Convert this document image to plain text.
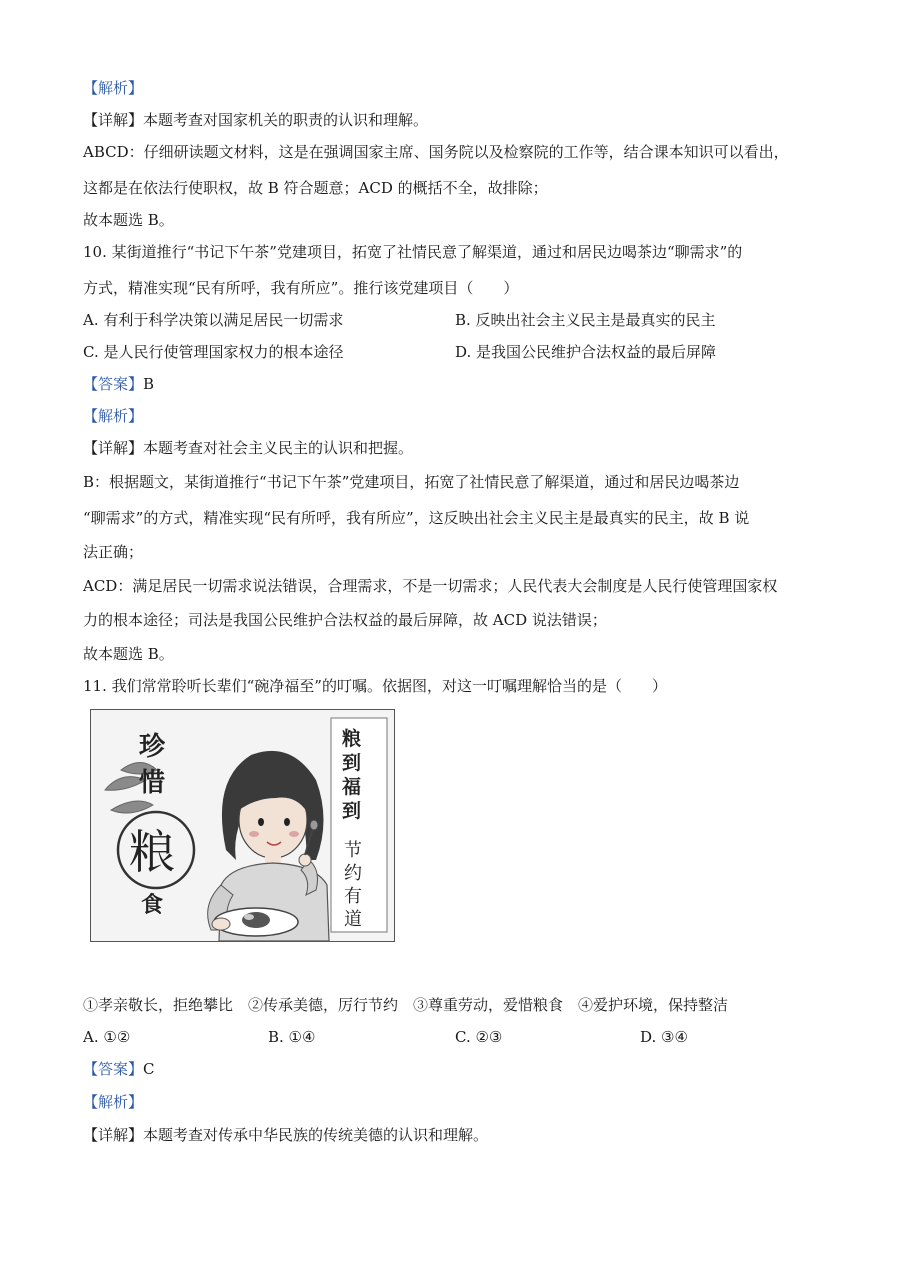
【解析】
【详解】本题考查对国家机关的职责的认识和理解。
ABCD：仔细研读题文材料，这是在强调国家主席、国务院以及检察院的工作等，结合课本知识可以看出，
这都是在依法行使职权，故 B 符合题意；ACD 的概括不全，故排除；
故本题选 B。
10. 某街道推行“书记下午茶”党建项目，拓宽了社情民意了解渠道，通过和居民边喝茶边“聊需求”的
方式，精准实现“民有所呼，我有所应”。推行该党建项目（　　）
A. 有利于科学决策以满足居民一切需求	B. 反映出社会主义民主是最真实的民主
C. 是人民行使管理国家权力的根本途径	D. 是我国公民维护合法权益的最后屏障
【答案】B
【解析】
【详解】本题考查对社会主义民主的认识和把握。
B：根据题文，某街道推行“书记下午茶”党建项目，拓宽了社情民意了解渠道，通过和居民边喝茶边
“聊需求”的方式，精准实现“民有所呼，我有所应”，这反映出社会主义民主是最真实的民主，故 B 说
法正确；
ACD：满足居民一切需求说法错误，合理需求，不是一切需求；人民代表大会制度是人民行使管理国家权
力的根本途径；司法是我国公民维护合法权益的最后屏障，故 ACD 说法错误；
故本题选 B。
11. 我们常常聆听长辈们“碗净福至”的叮嘱。依据图，对这一叮嘱理解恰当的是（　　）
珍
惜
粮
食
粮
到
福
到
节
约
有
道
①孝亲敬长，拒绝攀比　②传承美德，厉行节约　③尊重劳动，爱惜粮食　④爱护环境，保持整洁
A. ①②	B. ①④	C. ②③	D. ③④
【答案】C
【解析】
【详解】本题考查对传承中华民族的传统美德的认识和理解。
